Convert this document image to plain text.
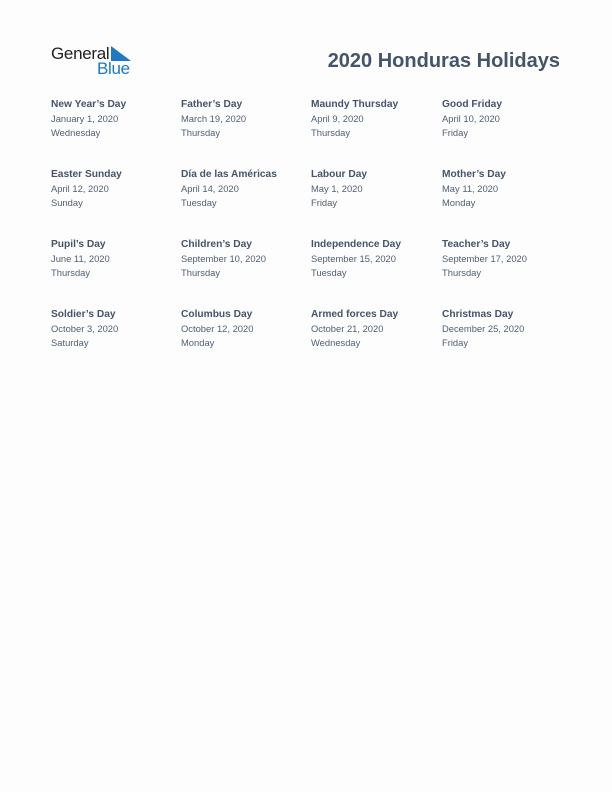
General
Blue	2020 Honduras Holidays
New Year’s Day
January 1, 2020
Wednesday
Father’s Day
March 19, 2020
Thursday
Maundy Thursday
April 9, 2020
Thursday
Good Friday
April 10, 2020
Friday
Easter Sunday
April 12, 2020
Sunday
Día de las Américas
April 14, 2020
Tuesday
Labour Day
May 1, 2020
Friday
Mother’s Day
May 11, 2020
Monday
Pupil’s Day
June 11, 2020
Thursday
Children’s Day
September 10, 2020
Thursday
Independence Day
September 15, 2020
Tuesday
Teacher’s Day
September 17, 2020
Thursday
Soldier’s Day
October 3, 2020
Saturday
Columbus Day
October 12, 2020
Monday
Armed forces Day
October 21, 2020
Wednesday
Christmas Day
December 25, 2020
Friday
